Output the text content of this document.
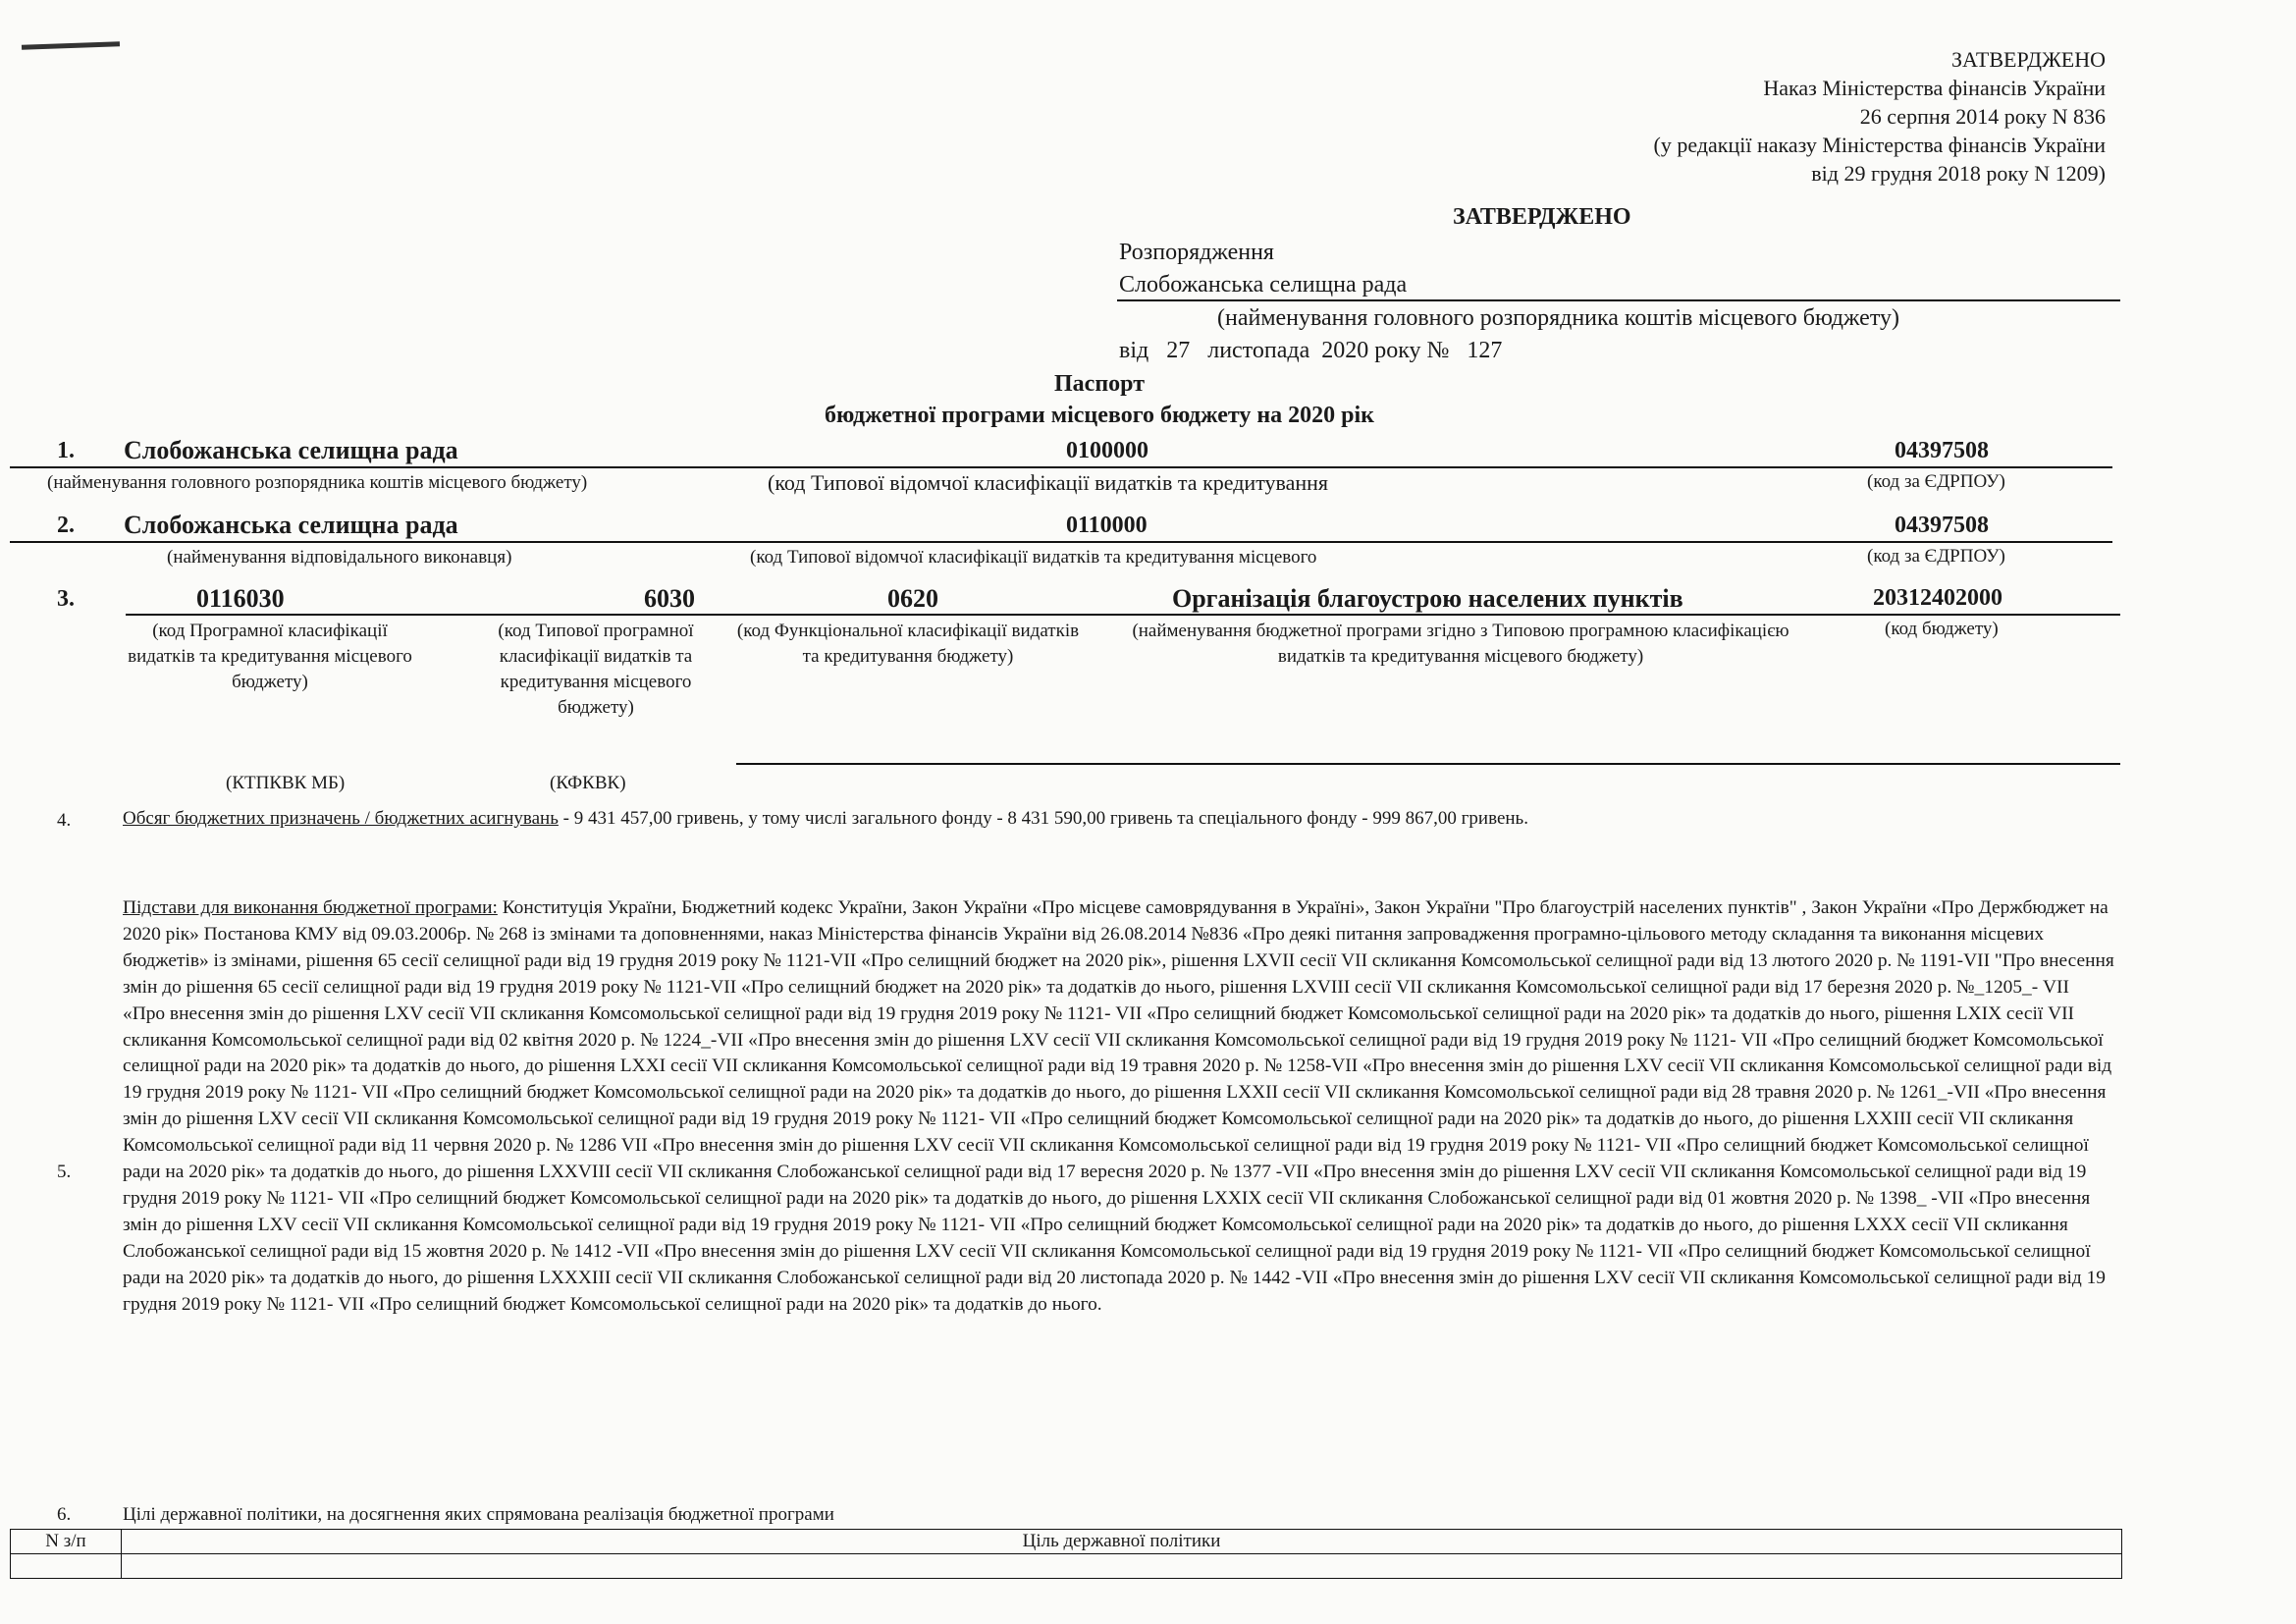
ЗАТВЕРДЖЕНО
Наказ Міністерства фінансів України
26 серпня 2014 року N 836
(у редакції наказу Міністерства фінансів України
від 29 грудня 2018 року N 1209)
ЗАТВЕРДЖЕНО
Розпорядження
Слобожанська селищна рада
(найменування головного розпорядника коштів місцевого бюджету)
від   27   листопада  2020 року №   127
Паспорт
бюджетної програми місцевого бюджету на 2020 рік
1. Слобожанська селищна рада	0100000	04397508
(найменування головного розпорядника коштів місцевого бюджету)	(код Типової відомчої класифікації видатків та кредитування	(код за ЄДРПОУ)
2. Слобожанська селищна рада	0110000	04397508
(найменування відповідального виконавця)	(код Типової відомчої класифікації видатків та кредитування місцевого	(код за ЄДРПОУ)
3.	0116030	6030	0620	Організація благоустрою населених пунктів	20312402000
(код Програмної класифікації видатків та кредитування місцевого бюджету)
(код Типової програмної класифікації видатків та кредитування місцевого бюджету)
(код Функціональної класифікації видатків та кредитування бюджету)
(найменування бюджетної програми згідно з Типовою програмною класифікацією видатків та кредитування місцевого бюджету)
(код бюджету)
(КТПКВК МБ)	(КФКВК)
4.	Обсяг бюджетних призначень / бюджетних асигнувань - 9 431 457,00 гривень, у тому числі загального фонду - 8 431 590,00 гривень та спеціального фонду - 999 867,00 гривень.
5.
Підстави для виконання бюджетної програми: Конституція України, Бюджетний кодекс України, Закон України «Про місцеве самоврядування в Україні», Закон України "Про благоустрій населених пунктів" , Закон України «Про Держбюджет на 2020 рік» Постанова КМУ від 09.03.2006р. № 268 із змінами та доповненнями, наказ Міністерства фінансів України від 26.08.2014 №836 «Про деякі питання запровадження програмно-цільового методу складання та виконання місцевих бюджетів» із змінами, рішення 65 сесії селищної ради від 19 грудня 2019 року № 1121-VII «Про селищний бюджет на 2020 рік», рішення LXVII сесії VII скликання Комсомольської селищної ради від 13 лютого 2020 р. № 1191-VII "Про внесення змін до рішення 65 сесії селищної ради від 19 грудня 2019 року № 1121-VII «Про селищний бюджет на 2020 рік» та додатків до нього, рішення LXVIII сесії VII скликання Комсомольської селищної ради від 17 березня 2020 р. №_1205_- VII «Про внесення змін до рішення LXV сесії VII скликання Комсомольської селищної ради від 19 грудня 2019 року № 1121- VII «Про селищний бюджет Комсомольської селищної ради на 2020 рік» та додатків до нього, рішення LXIX сесії VII скликання Комсомольської селищної ради від 02 квітня 2020 р. № 1224_-VII «Про внесення змін до рішення LXV сесії VII скликання Комсомольської селищної ради від 19 грудня 2019 року № 1121- VII «Про селищний бюджет Комсомольської селищної ради на 2020 рік» та додатків до нього, до рішення LXXI сесії VII скликання Комсомольської селищної ради від 19 травня 2020 р. № 1258-VII «Про внесення змін до рішення LXV сесії VII скликання Комсомольської селищної ради від 19 грудня 2019 року № 1121- VII «Про селищний бюджет Комсомольської селищної ради на 2020 рік» та додатків до нього, до рішення LXXII сесії VII скликання Комсомольської селищної ради від 28 травня 2020 р. № 1261_-VII «Про внесення змін до рішення LXV сесії VII скликання Комсомольської селищної ради від 19 грудня 2019 року № 1121- VII «Про селищний бюджет Комсомольської селищної ради на 2020 рік» та додатків до нього, до рішення LXXIII сесії VII скликання Комсомольської селищної ради від 11 червня 2020 р. № 1286 VII «Про внесення змін до рішення LXV сесії VII скликання Комсомольської селищної ради від 19 грудня 2019 року № 1121- VII «Про селищний бюджет Комсомольської селищної ради на 2020 рік» та додатків до нього, до рішення LXXVIII сесії VII скликання Слобожанської селищної ради від 17 вересня 2020 р. № 1377 -VII «Про внесення змін до рішення LXV сесії VII скликання Комсомольської селищної ради від 19 грудня 2019 року № 1121- VII «Про селищний бюджет Комсомольської селищної ради на 2020 рік» та додатків до нього, до рішення LXXIX сесії VII скликання Слобожанської селищної ради від 01 жовтня 2020 р. № 1398_ -VII «Про внесення змін до рішення LXV сесії VII скликання Комсомольської селищної ради від 19 грудня 2019 року № 1121- VII «Про селищний бюджет Комсомольської селищної ради на 2020 рік» та додатків до нього, до рішення LXXX сесії VII скликання Слобожанської селищної ради від 15 жовтня 2020 р. № 1412 -VII «Про внесення змін до рішення LXV сесії VII скликання Комсомольської селищної ради від 19 грудня 2019 року № 1121- VII «Про селищний бюджет Комсомольської селищної ради на 2020 рік» та додатків до нього, до рішення LXXXIII сесії VII скликання Слобожанської селищної ради від 20 листопада 2020 р. № 1442 -VII «Про внесення змін до рішення LXV сесії VII скликання Комсомольської селищної ради від 19 грудня 2019 року № 1121- VII «Про селищний бюджет Комсомольської селищної ради на 2020 рік» та додатків до нього.
6.	Цілі державної політики, на досягнення яких спрямована реалізація бюджетної програми
N з/п	Ціль державної політики
